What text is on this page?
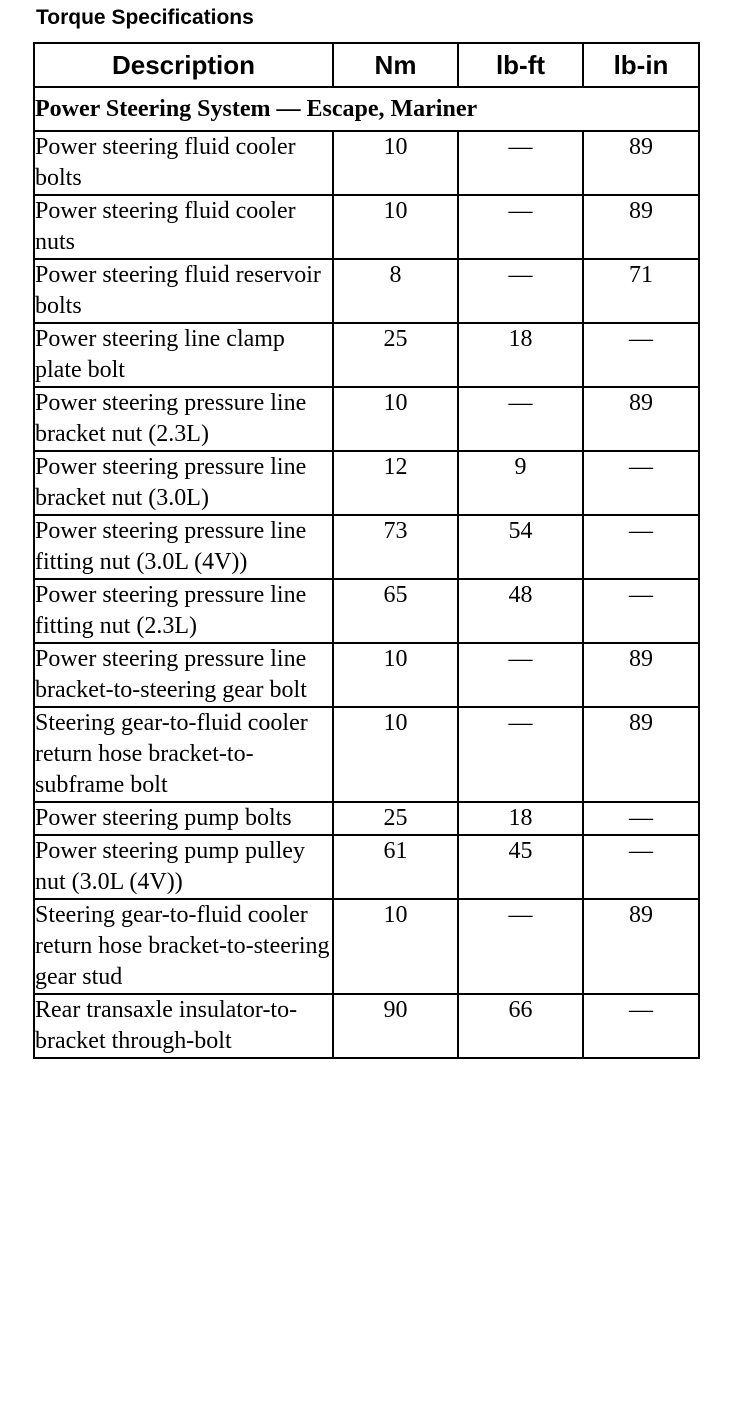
Torque Specifications
Description	Nm	lb-ft	lb-in
Power Steering System — Escape, Mariner			
Power steering fluid cooler bolts	10	—	89
Power steering fluid cooler nuts	10	—	89
Power steering fluid reservoir bolts	8	—	71
Power steering line clamp plate bolt	25	18	—
Power steering pressure line bracket nut (2.3L)	10	—	89
Power steering pressure line bracket nut (3.0L)	12	9	—
Power steering pressure line fitting nut (3.0L (4V))	73	54	—
Power steering pressure line fitting nut (2.3L)	65	48	—
Power steering pressure line bracket-to-steering gear bolt	10	—	89
Steering gear-to-fluid cooler return hose bracket-to-subframe bolt	10	—	89
Power steering pump bolts	25	18	—
Power steering pump pulley nut (3.0L (4V))	61	45	—
Steering gear-to-fluid cooler return hose bracket-to-steering gear stud	10	—	89
Rear transaxle insulator-to-bracket through-bolt	90	66	—
